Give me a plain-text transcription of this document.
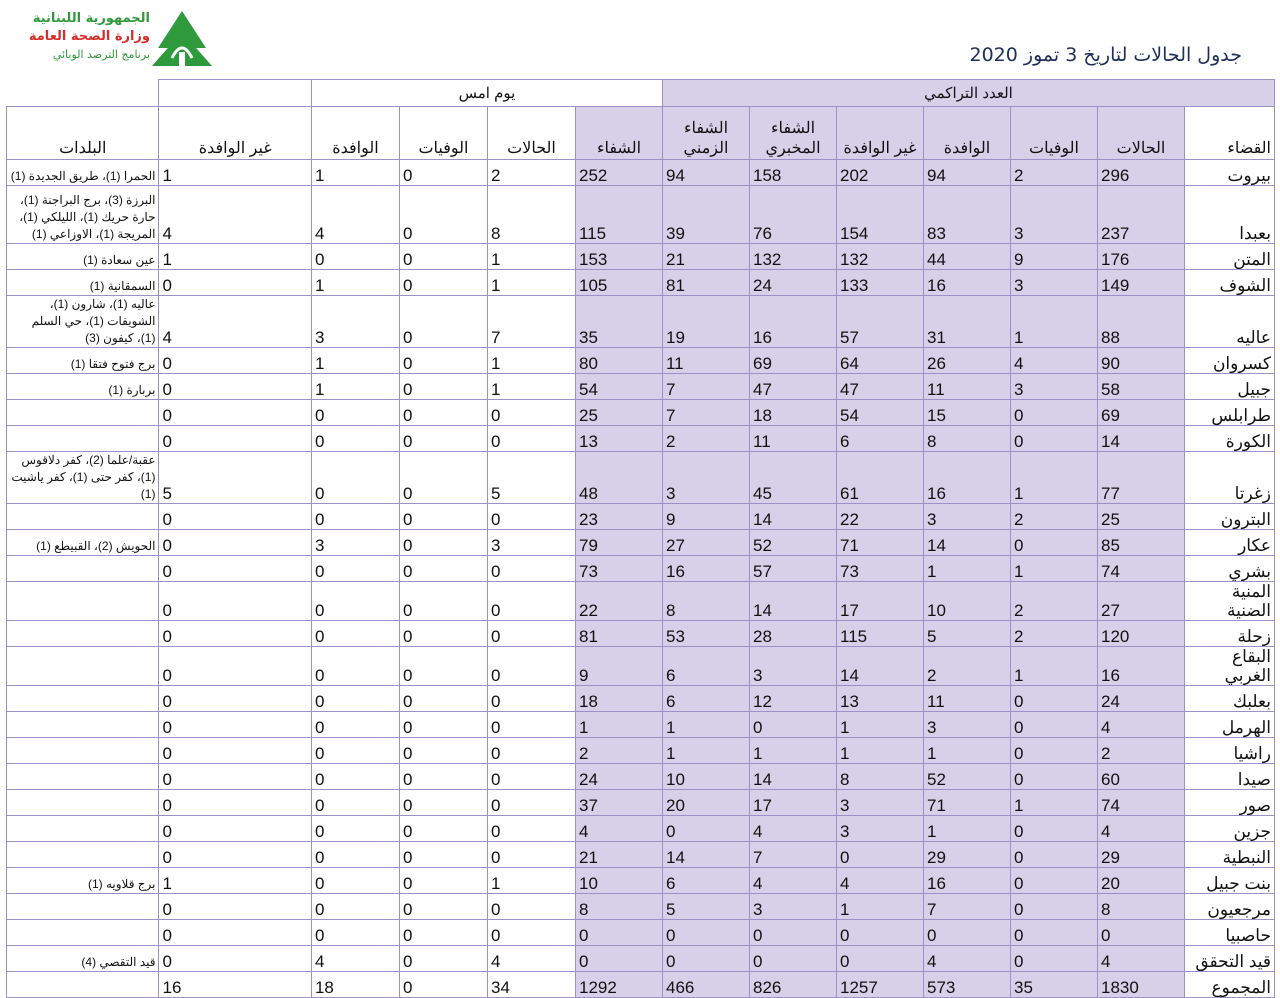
الجمهورية اللبنانية
وزارة الصحة العامة
برنامج الترصد الوبائي	جدول الحالات لتاريخ 3 تموز 2020
العدد التراكمي							يوم امس					
القضاء	الحالات	الوفيات	الوافدة	غير الوافدة	الشفاء المخبري	الشفاء الزمني	الشفاء	الحالات	الوفيات	الوافدة	غير الوافدة	البلدات
بيروت	296	2	94	202	158	94	252	2	0	1	1	الحمرا (1)، طريق الجديدة (1)
بعبدا	237	3	83	154	76	39	115	8	0	4	4	البرزة (3)، برج البراجنة (1)، حارة حريك (1)، الليلكي (1)، المريجة (1)، الاوزاعي (1)
المتن	176	9	44	132	132	21	153	1	0	0	1	عين سعادة (1)
الشوف	149	3	16	133	24	81	105	1	0	1	0	السمقانية (1)
عاليه	88	1	31	57	16	19	35	7	0	3	4	عاليه (1)، شارون (1)، الشويفات (1)، حي السلم (1)، كيفون (3)
كسروان	90	4	26	64	69	11	80	1	0	1	0	برج فتوح فتقا (1)
جبيل	58	3	11	47	47	7	54	1	0	1	0	بربارة (1)
طرابلس	69	0	15	54	18	7	25	0	0	0	0	
الكورة	14	0	8	6	11	2	13	0	0	0	0	
زغرتا	77	1	16	61	45	3	48	5	0	0	5	عقبة/علما (2)، كفر دلاقوس (1)، كفر حتى (1)، كفر ياشيت (1)
البترون	25	2	3	22	14	9	23	0	0	0	0	
عكار	85	0	14	71	52	27	79	3	0	3	0	الحويش (2)، القبيطع (1)
بشري	74	1	1	73	57	16	73	0	0	0	0	
المنية الضنية	27	2	10	17	14	8	22	0	0	0	0	
زحلة	120	2	5	115	28	53	81	0	0	0	0	
البقاع الغربي	16	1	2	14	3	6	9	0	0	0	0	
بعلبك	24	0	11	13	12	6	18	0	0	0	0	
الهرمل	4	0	3	1	0	1	1	0	0	0	0	
راشيا	2	0	1	1	1	1	2	0	0	0	0	
صيدا	60	0	52	8	14	10	24	0	0	0	0	
صور	74	1	71	3	17	20	37	0	0	0	0	
جزين	4	0	1	3	4	0	4	0	0	0	0	
النبطية	29	0	29	0	7	14	21	0	0	0	0	
بنت جبيل	20	0	16	4	4	6	10	1	0	0	1	برج قلاويه (1)
مرجعيون	8	0	7	1	3	5	8	0	0	0	0	
حاصبيا	0	0	0	0	0	0	0	0	0	0	0	
قيد التحقق	4	0	4	0	0	0	0	4	0	4	0	قيد التقصي (4)
المجموع	1830	35	573	1257	826	466	1292	34	0	18	16	
